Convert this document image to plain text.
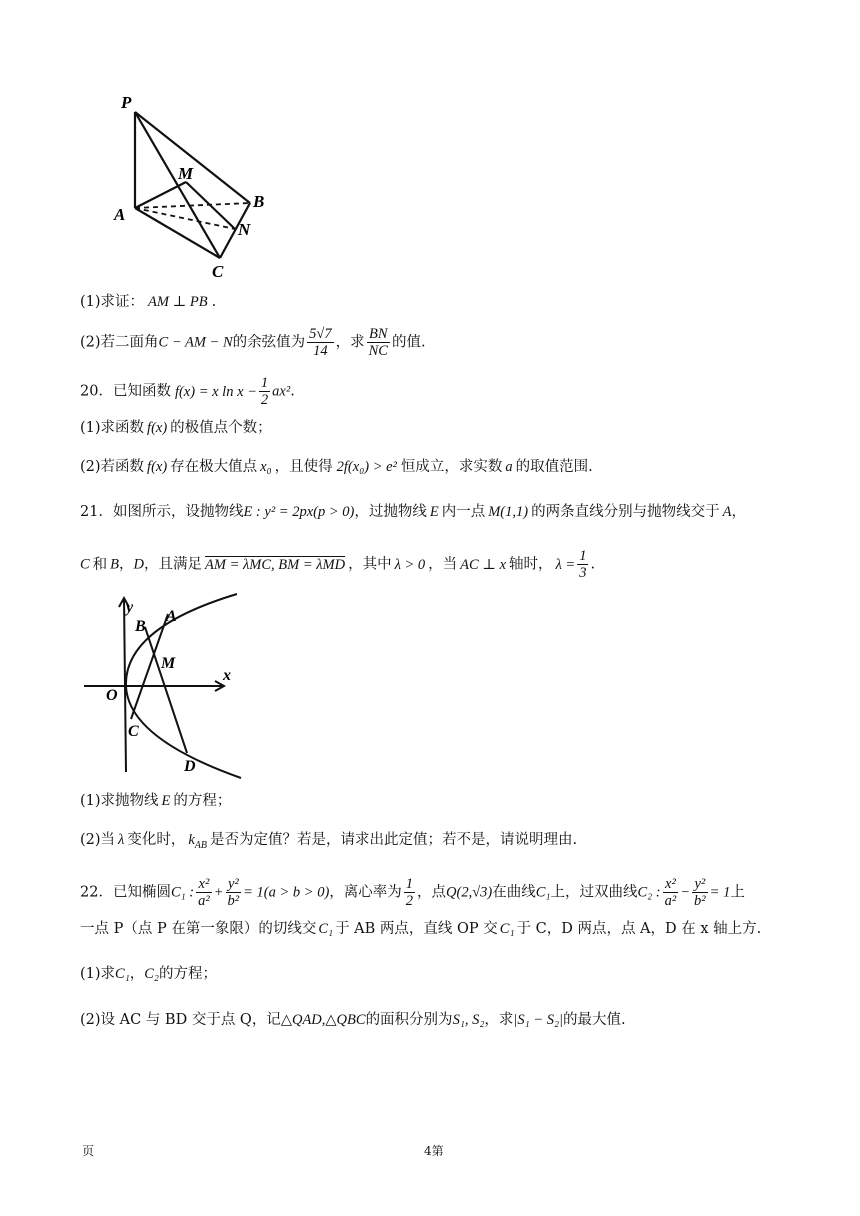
P
M
A
B
N
C
(1)求证： AM ⊥ PB .
(2)若二面角C − AM − N的余弦值为 $\frac{5√7}{14}$ ，求 $\frac{BN}{NC}$ 的值.
20．已知函数 f(x) = x $\ln x - \frac{1}{2} ax^2$.
(1)求函数 f(x) 的极值点个数；
(2)若函数 f(x) 存在极大值点 x₀ ，且使得 2f(x₀) > e² 恒成立，求实数 a 的取值范围.
21．如图所示，设抛物线E : y² = 2px(p > 0)，过抛物线 E 内一点 M(1,1) 的两条直线分别与抛物线交于 A，
C 和 B，D，且满足 AM = λMC, BM = λMD ，其中 λ > 0 ，当 AC ⊥ x 轴时， $\lambda = \frac{1}{3}$ .
y
x
O
A
B
M
C
D
(1)求抛物线 E 的方程；
(2)当 λ 变化时， $k_{AB}$ 是否为定值？若是，请求出此定值；若不是，请说明理由.
22．已知椭圆C₁ : $\frac{\text{x²}}{\text{a²}} + \frac{\text{y²}}{\text{b²}} = 1(a > b > 0)$，离心率为 $\frac{1}{2}$ ，点Q(2,√3)在曲线C₁上，过双曲线C₂ : $\frac{\text{x²}}{\text{a²}} - \frac{\text{y²}}{\text{b²}} = 1$上
一点 P（点 P 在第一象限）的切线交 C₁ 于 AB 两点，直线 OP 交 C₁ 于 C，D 两点，点 A，D 在 x 轴上方.
(1)求C₁，C₂的方程；
(2)设 AC 与 BD 交于点 Q，记△QAD,△QBC的面积分别为S₁, S₂，求|S₁ − S₂|的最大值.
页	4第
